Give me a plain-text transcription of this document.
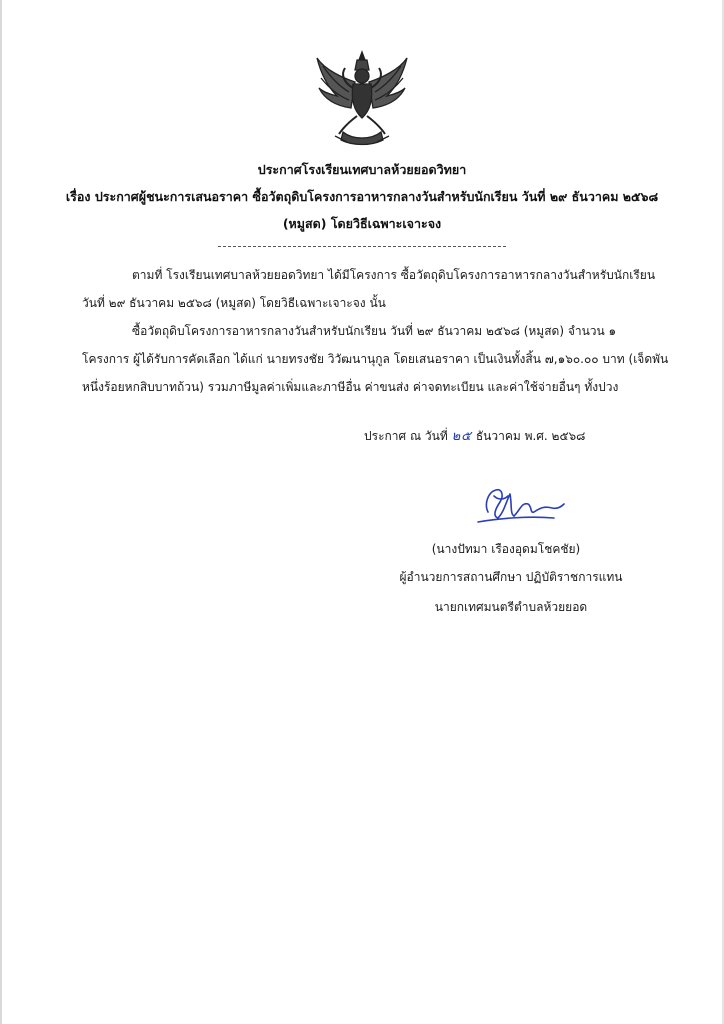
ประกาศโรงเรียนเทศบาลห้วยยอดวิทยา
เรื่อง ประกาศผู้ชนะการเสนอราคา ซื้อวัตถุดิบโครงการอาหารกลางวันสำหรับนักเรียน วันที่ ๒๙ ธันวาคม ๒๕๖๘
(หมูสด) โดยวิธีเฉพาะเจาะจง
ตามที่ โรงเรียนเทศบาลห้วยยอดวิทยา ได้มีโครงการ ซื้อวัตถุดิบโครงการอาหารกลางวันสำหรับนักเรียน
วันที่ ๒๙ ธันวาคม ๒๕๖๘ (หมูสด) โดยวิธีเฉพาะเจาะจง นั้น
ซื้อวัตถุดิบโครงการอาหารกลางวันสำหรับนักเรียน วันที่ ๒๙ ธันวาคม ๒๕๖๘ (หมูสด) จำนวน ๑
โครงการ ผู้ได้รับการคัดเลือก ได้แก่ นายทรงชัย วิวัฒนานุกูล โดยเสนอราคา เป็นเงินทั้งสิ้น ๗,๑๖๐.๐๐ บาท (เจ็ดพัน
หนึ่งร้อยหกสิบบาทถ้วน) รวมภาษีมูลค่าเพิ่มและภาษีอื่น ค่าขนส่ง ค่าจดทะเบียน และค่าใช้จ่ายอื่นๆ ทั้งปวง
ประกาศ ณ วันที่ ๒๕ ธันวาคม พ.ศ. ๒๕๖๘
(นางปัทมา เรืองอุดมโชคชัย)
ผู้อำนวยการสถานศึกษา ปฏิบัติราชการแทน
นายกเทศมนตรีตำบลห้วยยอด
